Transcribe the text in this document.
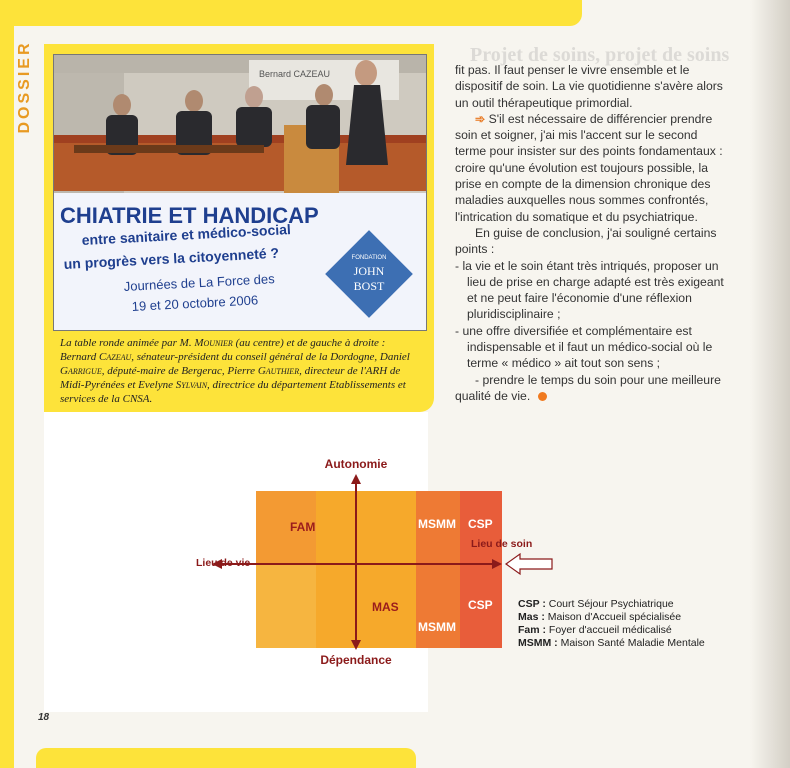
DOSSIER	Projet de soins, projet de soins
Bernard CAZEAU
CHIATRIE ET HANDICAP
entre sanitaire et médico-social
un progrès vers la citoyenneté ?
Journées de La Force des
19 et 20 octobre 2006
FONDATION
JOHN
BOST
La table ronde animée par M. Mounier (au centre) et de gauche à droite : Bernard Cazeau, sénateur-président du conseil général de la Dordogne, Daniel Garrigue, député-maire de Bergerac, Pierre Gauthier, directeur de l'ARH de Midi-Pyrénées et Evelyne Sylvain, directrice du département Etablissements et services de la CNSA.

fit pas. Il faut penser le vivre ensemble et le dispositif de soin. La vie quotidienne s'avère alors un outil thérapeutique primordial.

➾ S'il est nécessaire de différencier prendre soin et soigner, j'ai mis l'accent sur le second terme pour insister sur des points fondamentaux : croire qu'une évolution est toujours possible, la prise en compte de la dimension chronique des maladies auxquelles nous sommes confrontés, l'intrication du somatique et du psychiatrique.

En guise de conclusion, j'ai souligné certains points :

- la vie et le soin étant très intriqués, proposer un lieu de prise en charge adapté est très exigeant et ne peut faire l'économie d'une réflexion pluridisciplinaire ;

- une offre diversifiée et complémentaire est indispensable et il faut un médico-social où le terme « médico » ait tout son sens ;

- prendre le temps du soin pour une meilleure qualité de vie.

Autonomie
Dépendance
Lieu de vie
Lieu de soin
FAM	MSMM CSP
MAS
MSMM
CSP CSP : Court Séjour Psychiatrique
Mas : Maison d'Accueil spécialisée
Fam : Foyer d'accueil médicalisé
MSMM : Maison Santé Maladie Mentale
18
